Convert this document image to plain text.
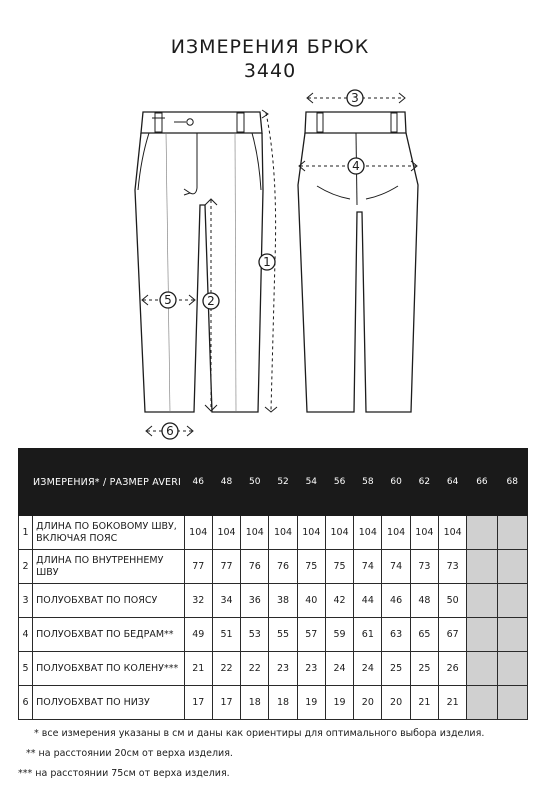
ИЗМЕРЕНИЯ БРЮК
3440
1
2
3
4
5
6
ИЗМЕРЕНИЯ* / РАЗМЕР AVERI		46	48	50	52	54	56	58	60	62	64	66	68
1	ДЛИНА ПО БОКОВОМУ ШВУ, ВКЛЮЧАЯ ПОЯС	104	104	104	104	104	104	104	104	104	104		
2	ДЛИНА ПО ВНУТРЕННЕМУ ШВУ	77	77	76	76	75	75	74	74	73	73		
3	ПОЛУОБХВАТ ПО ПОЯСУ	32	34	36	38	40	42	44	46	48	50		
4	ПОЛУОБХВАТ ПО БЕДРАМ**	49	51	53	55	57	59	61	63	65	67		
5	ПОЛУОБХВАТ ПО КОЛЕНУ***	21	22	22	23	23	24	24	25	25	26		
6	ПОЛУОБХВАТ ПО НИЗУ	17	17	18	18	19	19	20	20	21	21		
* все измерения указаны в см и даны как ориентиры для оптимального выбора изделия.
** на расстоянии 20см от верха изделия.
*** на расстоянии 75см от верха изделия.
